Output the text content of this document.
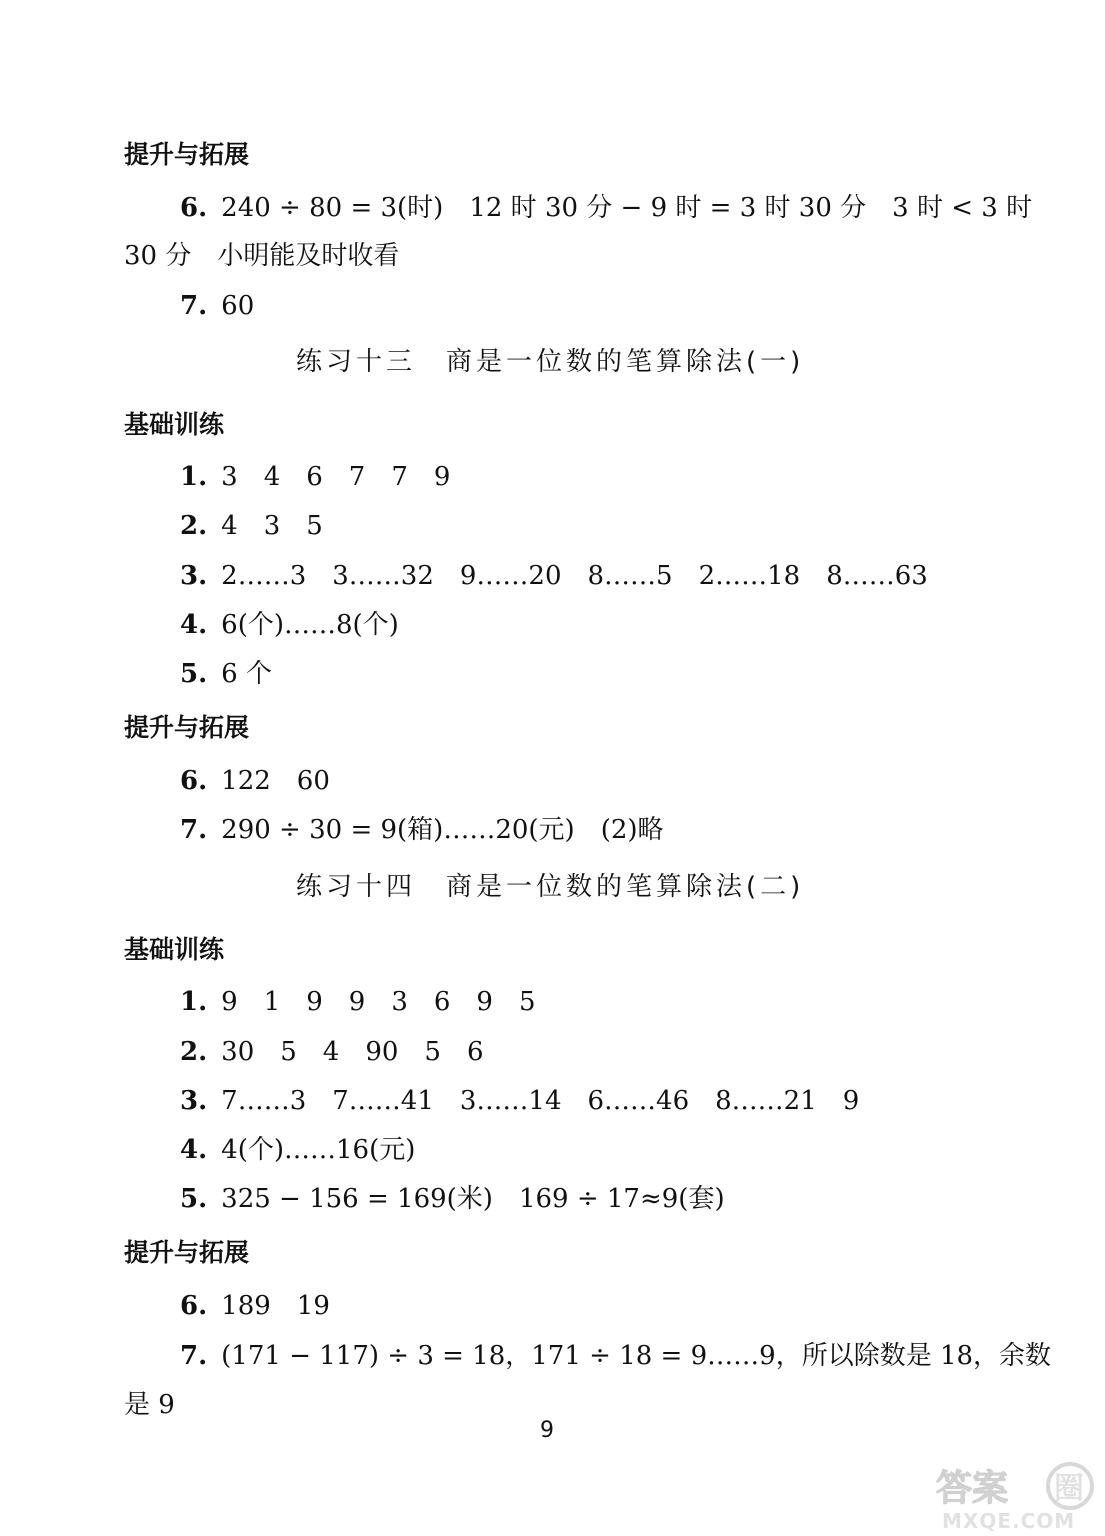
提升与拓展
6. 240 ÷ 80 = 3(时)　12 时 30 分 − 9 时 = 3 时 30 分　3 时 < 3 时
30 分　小明能及时收看
7. 60
练习十三　商是一位数的笔算除法(一)
基础训练
1. 3　4　6　7　7　9
2. 4　3　5
3. 2……3　3……32　9……20　8……5　2……18　8……63
4. 6(个)……8(个)
5. 6 个
提升与拓展
6. 122　60
7. 290 ÷ 30 = 9(箱)……20(元)　(2)略
练习十四　商是一位数的笔算除法(二)
基础训练
1. 9　1　9　9　3　6　9　5
2. 30　5　4　90　5　6
3. 7……3　7……41　3……14　6……46　8……21　9
4. 4(个)……16(元)
5. 325 − 156 = 169(米)　169 ÷ 17≈9(套)
提升与拓展
6. 189　19
7. (171 − 117) ÷ 3 = 18，171 ÷ 18 = 9……9，所以除数是 18，余数
是 9
9
答案 圈
MXQE.COM
